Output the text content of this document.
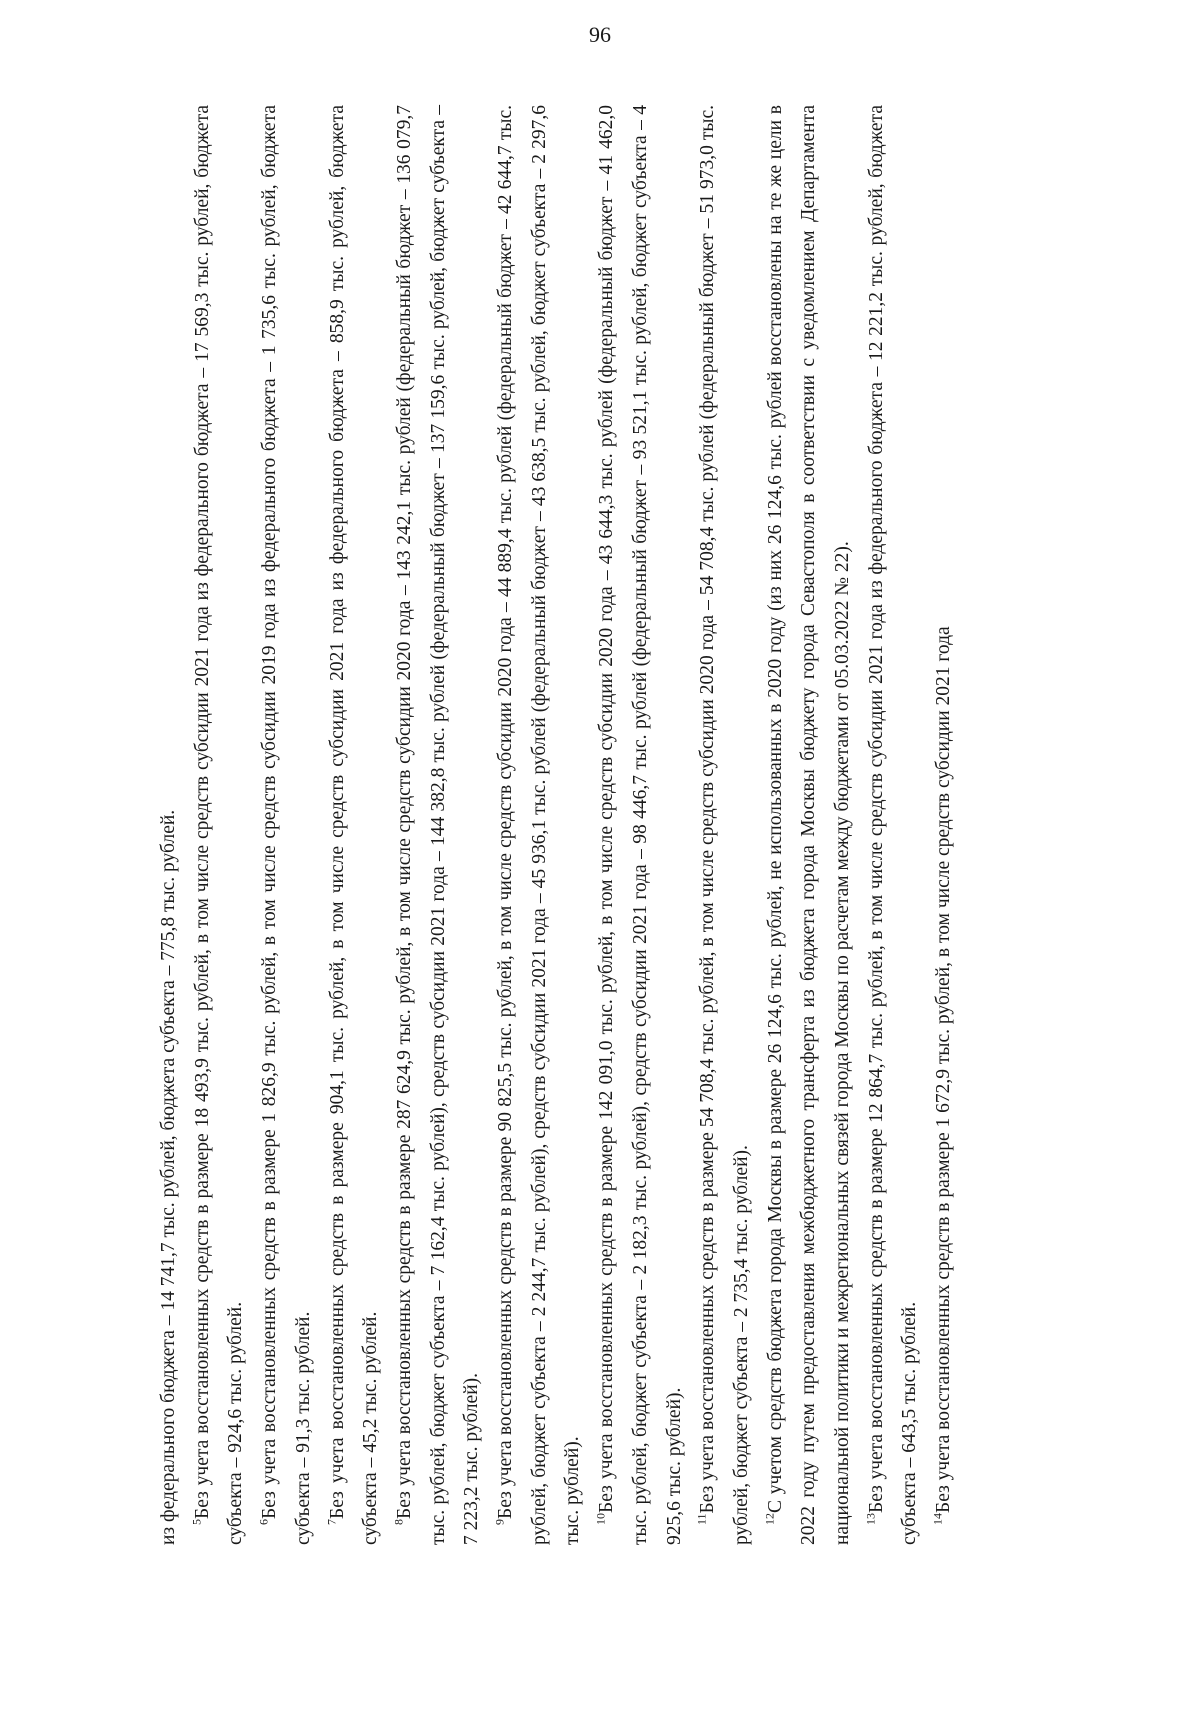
96

из федерального бюджета – 14 741,7 тыс. рублей, бюджета субъекта – 775,8 тыс. рублей. $^5$Без учета восстановленных средств в размере 18 493,9 тыс. рублей, в том числе средств субсидии 2021 года из федерального бюджета – 17 569,3 тыс. рублей, бюджета субъекта – 924,6 тыс. рублей. $^6$Без учета восстановленных средств в размере 1 826,9 тыс. рублей, в том числе средств субсидии 2019 года из федерального бюджета – 1 735,6 тыс. рублей, бюджета субъекта – 91,3 тыс. рублей. $^7$Без учета восстановленных средств в размере 904,1 тыс. рублей, в том числе средств субсидии 2021 года из федерального бюджета – 858,9 тыс. рублей, бюджета субъекта – 45,2 тыс. рублей. $^8$Без учета восстановленных средств в размере 287 624,9 тыс. рублей, в том числе средств субсидии 2020 года – 143 242,1 тыс. рублей (федеральный бюджет – 136 079,7 тыс. рублей, бюджет субъекта – 7 162,4 тыс. рублей), средств субсидии 2021 года – 144 382,8 тыс. рублей (федеральный бюджет – 137 159,6 тыс. рублей, бюджет субъекта – 7 223,2 тыс. рублей). $^9$Без учета восстановленных средств в размере 90 825,5 тыс. рублей, в том числе средств субсидии 2020 года – 44 889,4 тыс. рублей (федеральный бюджет – 42 644,7 тыс. рублей, бюджет субъекта – 2 244,7 тыс. рублей), средств субсидии 2021 года – 45 936,1 тыс. рублей (федеральный бюджет – 43 638,5 тыс. рублей, бюджет субъекта – 2 297,6 тыс. рублей). $^{10}$Без учета восстановленных средств в размере 142 091,0 тыс. рублей, в том числе средств субсидии 2020 года – 43 644,3 тыс. рублей (федеральный бюджет – 41 462,0 тыс. рублей, бюджет субъекта – 2 182,3 тыс. рублей), средств субсидии 2021 года – 98 446,7 тыс. рублей (федеральный бюджет – 93 521,1 тыс. рублей, бюджет субъекта – 4 925,6 тыс. рублей). $^{11}$Без учета восстановленных средств в размере 54 708,4 тыс. рублей, в том числе средств субсидии 2020 года – 54 708,4 тыс. рублей (федеральный бюджет – 51 973,0 тыс. рублей, бюджет субъекта – 2 735,4 тыс. рублей). $^{12}$С учетом средств бюджета города Москвы в размере 26 124,6 тыс. рублей, не использованных в 2020 году (из них 26 124,6 тыс. рублей восстановлены на те же цели в 2022 году путем предоставления межбюджетного трансферта из бюджета города Москвы бюджету города Севастополя в соответствии с уведомлением Департамента национальной политики и межрегиональных связей города Москвы по расчетам между бюджетами от 05.03.2022 № 22). $^{13}$Без учета восстановленных средств в размере 12 864,7 тыс. рублей, в том числе средств субсидии 2021 года из федерального бюджета – 12 221,2 тыс. рублей, бюджета субъекта – 643,5 тыс. рублей. $^{14}$Без учета восстановленных средств в размере 1 672,9 тыс. рублей, в том числе средств субсидии 2021 года
